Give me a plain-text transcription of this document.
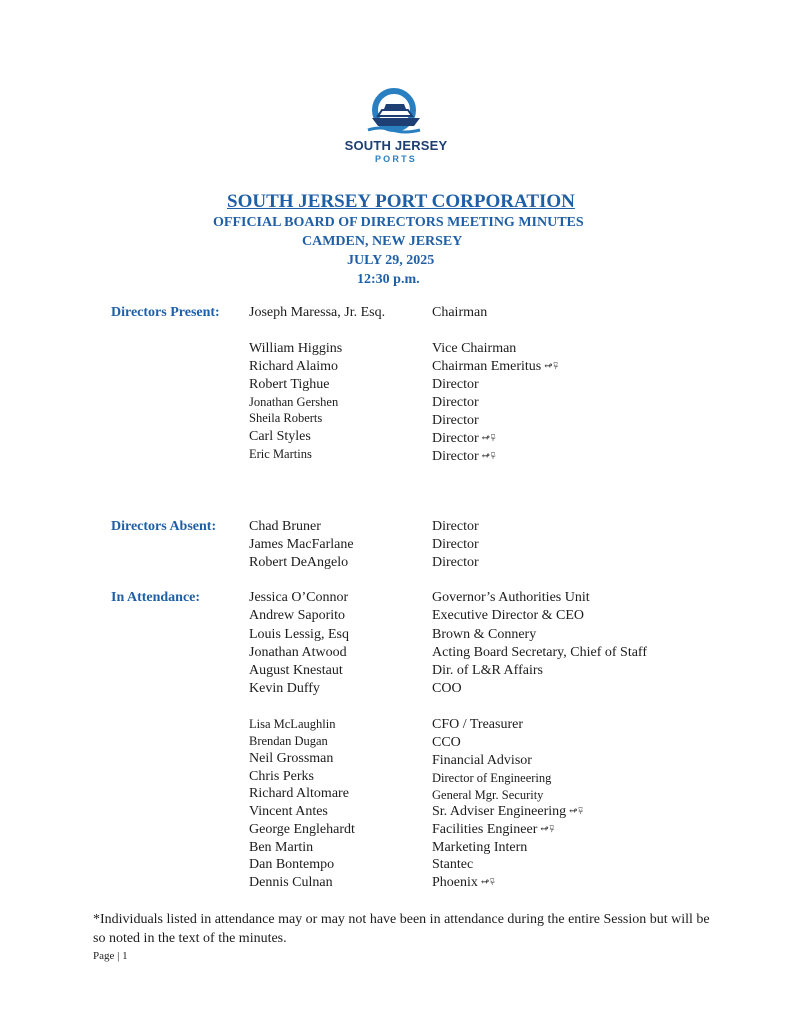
SOUTH JERSEY
PORTS
SOUTH JERSEY PORT CORPORATION
OFFICIAL BOARD OF DIRECTORS MEETING MINUTES
CAMDEN, NEW JERSEY
JULY 29, 2025
12:30 p.m.
Directors Present: Joseph Maressa, Jr. Esq.	Chairman
William Higgins	Vice Chairman
Richard Alaimo	Chairman Emeritus ↫⍫
Robert Tighue	Director
Jonathan Gershen	Director
Sheila Roberts	Director
Carl Styles	Director ↫⍫
Eric Martins	Director ↫⍫
Directors Absent: Chad Bruner	Director
James MacFarlane	Director
Robert DeAngelo	Director
In Attendance:	Jessica O’Connor	Governor’s Authorities Unit
Andrew Saporito	Executive Director & CEO
Louis Lessig, Esq	Brown & Connery
Jonathan Atwood	Acting Board Secretary, Chief of Staff
August Knestaut	Dir. of L&R Affairs
Kevin Duffy	COO
Lisa McLaughlin	CFO / Treasurer
Brendan Dugan	CCO
Neil Grossman	Financial Advisor
Chris Perks	Director of Engineering
Richard Altomare	General Mgr. Security
Vincent Antes	Sr. Adviser Engineering ↫⍫
George Englehardt	Facilities Engineer ↫⍫
Ben Martin	Marketing Intern
Dan Bontempo	Stantec
Dennis Culnan	Phoenix ↫⍫
*Individuals listed in attendance may or may not have been in attendance during the entire Session but will be so noted in the text of the minutes.
Page | 1
